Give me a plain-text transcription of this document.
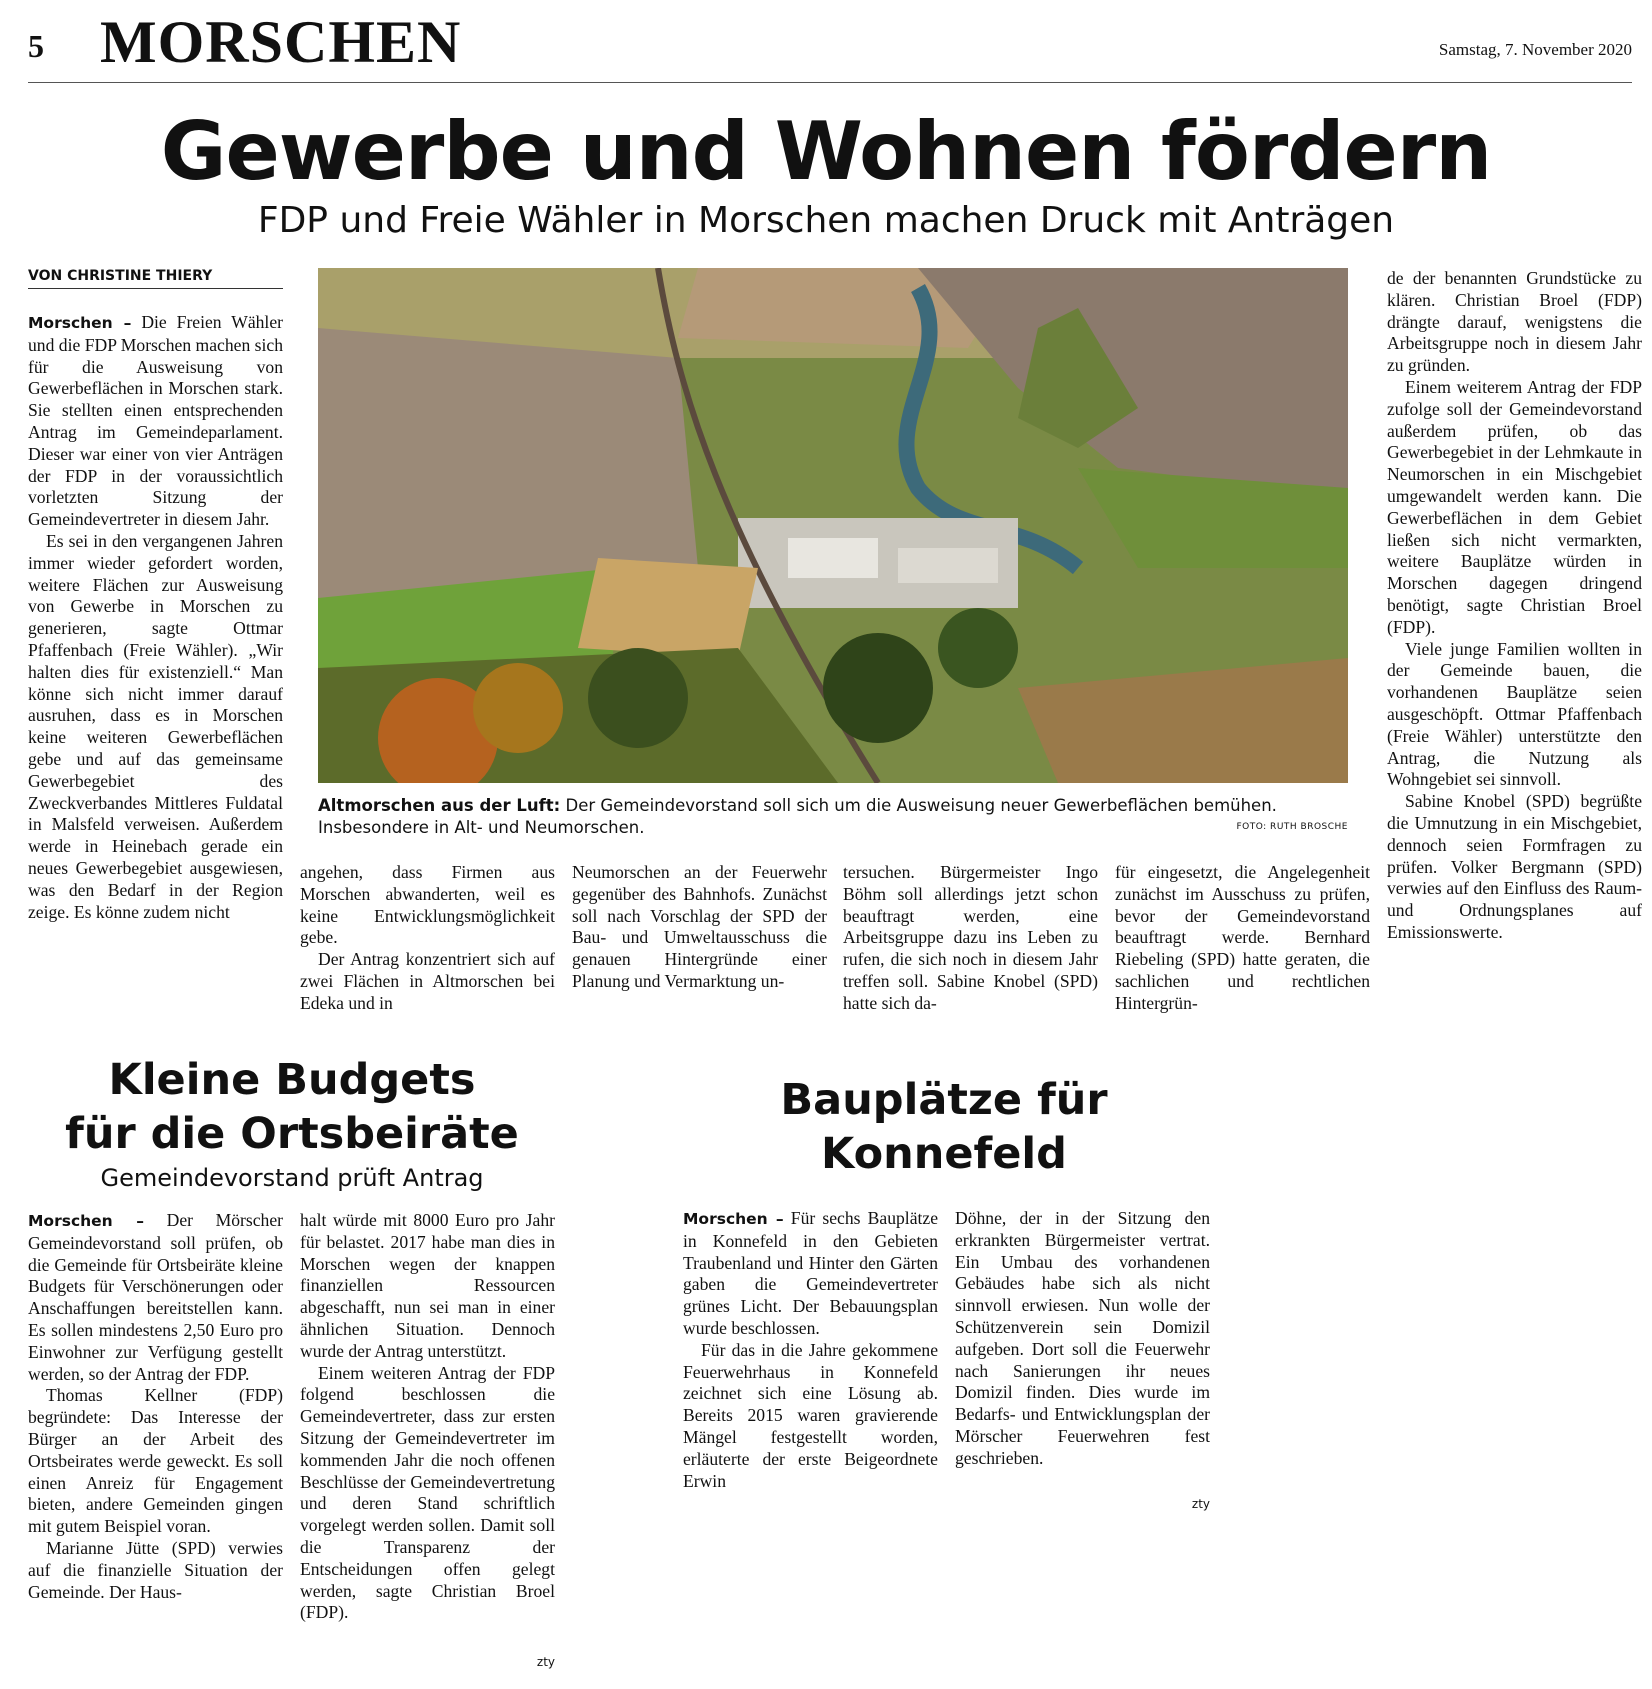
5 MORSCHEN	Samstag, 7. November 2020
Gewerbe und Wohnen fördern
FDP und Freie Wähler in Morschen machen Druck mit Anträgen
VON CHRISTINE THIERY

Morschen – Die Freien Wähler und die FDP Morschen machen sich für die Ausweisung von Gewerbeflächen in Morschen stark. Sie stellten einen entsprechenden Antrag im Gemeindeparlament. Dieser war einer von vier Anträgen der FDP in der voraussichtlich vorletzten Sitzung der Gemeindevertreter in diesem Jahr.

Es sei in den vergangenen Jahren immer wieder gefordert worden, weitere Flächen zur Ausweisung von Gewerbe in Morschen zu generieren, sagte Ottmar Pfaffenbach (Freie Wähler). „Wir halten dies für existenziell.“ Man könne sich nicht immer darauf ausruhen, dass es in Morschen keine weiteren Gewerbeflächen gebe und auf das gemeinsame Gewerbegebiet des Zweckverbandes Mittleres Fuldatal in Malsfeld verweisen. Außerdem werde in Heinebach gerade ein neues Gewerbegebiet ausgewiesen, was den Bedarf in der Region zeige. Es könne zudem nicht

Altmorschen aus der Luft: Der Gemeindevorstand soll sich um die Ausweisung neuer Gewerbeflächen bemühen. Insbesondere in Alt- und Neumorschen.	FOTO: RUTH BROSCHE

angehen, dass Firmen aus Morschen abwanderten, weil es keine Entwicklungsmöglichkeit gebe.

Der Antrag konzentriert sich auf zwei Flächen in Altmorschen bei Edeka und in

Neumorschen an der Feuerwehr gegenüber des Bahnhofs. Zunächst soll nach Vorschlag der SPD der Bau- und Umweltausschuss die genauen Hintergründe einer Planung und Vermarktung un-

tersuchen. Bürgermeister Ingo Böhm soll allerdings jetzt schon beauftragt werden, eine Arbeitsgruppe dazu ins Leben zu rufen, die sich noch in diesem Jahr treffen soll. Sabine Knobel (SPD) hatte sich da-

für eingesetzt, die Angelegenheit zunächst im Ausschuss zu prüfen, bevor der Gemeindevorstand beauftragt werde. Bernhard Riebeling (SPD) hatte geraten, die sachlichen und rechtlichen Hintergrün-

de der benannten Grundstücke zu klären. Christian Broel (FDP) drängte darauf, wenigstens die Arbeitsgruppe noch in diesem Jahr zu gründen.

Einem weiterem Antrag der FDP zufolge soll der Gemeindevorstand außerdem prüfen, ob das Gewerbegebiet in der Lehmkaute in Neumorschen in ein Mischgebiet umgewandelt werden kann. Die Gewerbeflächen in dem Gebiet ließen sich nicht vermarkten, weitere Bauplätze würden in Morschen dagegen dringend benötigt, sagte Christian Broel (FDP).

Viele junge Familien wollten in der Gemeinde bauen, die vorhandenen Bauplätze seien ausgeschöpft. Ottmar Pfaffenbach (Freie Wähler) unterstützte den Antrag, die Nutzung als Wohngebiet sei sinnvoll.

Sabine Knobel (SPD) begrüßte die Umnutzung in ein Mischgebiet, dennoch seien Formfragen zu prüfen. Volker Bergmann (SPD) verwies auf den Einfluss des Raum- und Ordnungsplanes auf Emissionswerte.

Kleine Budgets
für die Ortsbeiräte
Gemeindevorstand prüft Antrag

Morschen – Der Mörscher Gemeindevorstand soll prüfen, ob die Gemeinde für Ortsbeiräte kleine Budgets für Verschönerungen oder Anschaffungen bereitstellen kann. Es sollen mindestens 2,50 Euro pro Einwohner zur Verfügung gestellt werden, so der Antrag der FDP.

Thomas Kellner (FDP) begründete: Das Interesse der Bürger an der Arbeit des Ortsbeirates werde geweckt. Es soll einen Anreiz für Engagement bieten, andere Gemeinden gingen mit gutem Beispiel voran.

Marianne Jütte (SPD) verwies auf die finanzielle Situation der Gemeinde. Der Haus-

halt würde mit 8000 Euro pro Jahr für belastet. 2017 habe man dies in Morschen wegen der knappen finanziellen Ressourcen abgeschafft, nun sei man in einer ähnlichen Situation. Dennoch wurde der Antrag unterstützt.

Einem weiteren Antrag der FDP folgend beschlossen die Gemeindevertreter, dass zur ersten Sitzung der Gemeindevertreter im kommenden Jahr die noch offenen Beschlüsse der Gemeindevertretung und deren Stand schriftlich vorgelegt werden sollen. Damit soll die Transparenz der Entscheidungen offen gelegt werden, sagte Christian Broel (FDP).

zty
Bauplätze für
Konnefeld

Morschen – Für sechs Bauplätze in Konnefeld in den Gebieten Traubenland und Hinter den Gärten gaben die Gemeindevertreter grünes Licht. Der Bebauungsplan wurde beschlossen.

Für das in die Jahre gekommene Feuerwehrhaus in Konnefeld zeichnet sich eine Lösung ab. Bereits 2015 waren gravierende Mängel festgestellt worden, erläuterte der erste Beigeordnete Erwin

Döhne, der in der Sitzung den erkrankten Bürgermeister vertrat. Ein Umbau des vorhandenen Gebäudes habe sich als nicht sinnvoll erwiesen. Nun wolle der Schützenverein sein Domizil aufgeben. Dort soll die Feuerwehr nach Sanierungen ihr neues Domizil finden. Dies wurde im Bedarfs- und Entwicklungsplan der Mörscher Feuerwehren fest geschrieben.

zty
